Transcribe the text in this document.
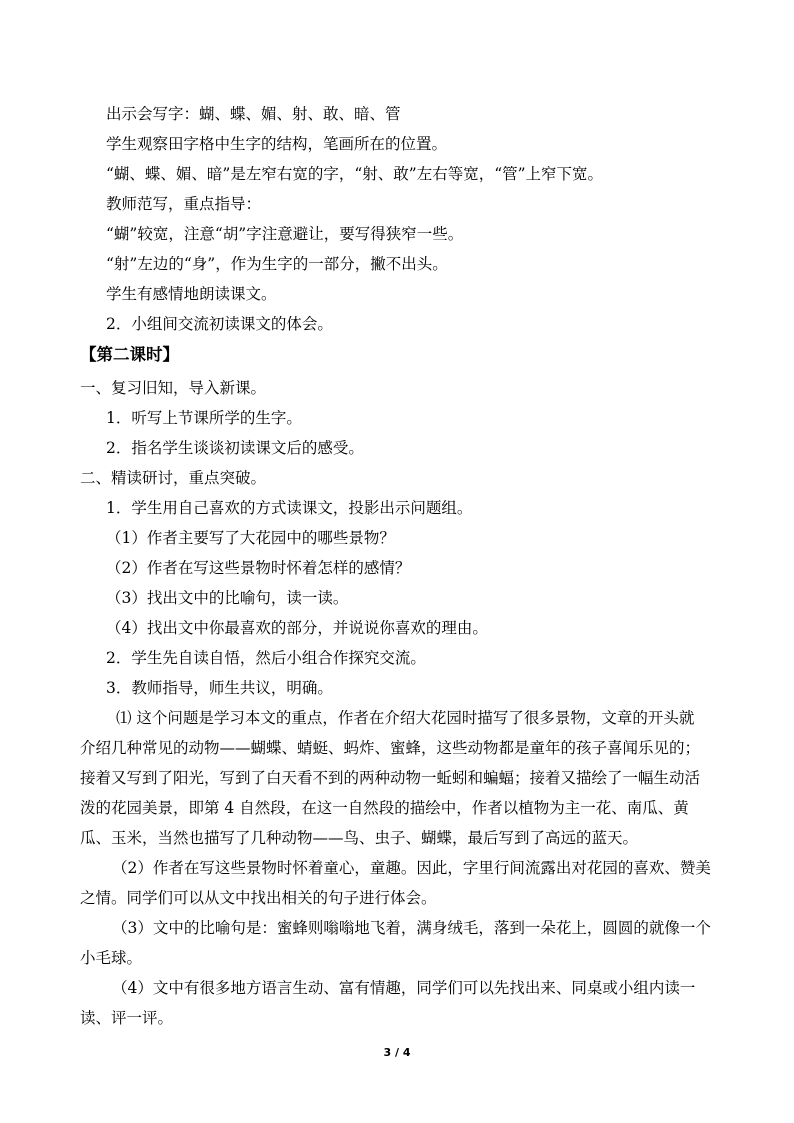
出示会写字：蝴、蝶、媚、射、敢、暗、管
学生观察田字格中生字的结构，笔画所在的位置。
“蝴、蝶、媚、暗”是左窄右宽的字，“射、敢”左右等宽，“管”上窄下宽。
教师范写，重点指导：
“蝴”较宽，注意“胡”字注意避让，要写得狭窄一些。
“射”左边的“身”，作为生字的一部分，撇不出头。
学生有感情地朗读课文。
2．小组间交流初读课文的体会。
【第二课时】
一、复习旧知，导入新课。
1．听写上节课所学的生字。
2．指名学生谈谈初读课文后的感受。
二、精读研讨，重点突破。
1．学生用自己喜欢的方式读课文，投影出示问题组。
（1）作者主要写了大花园中的哪些景物？
（2）作者在写这些景物时怀着怎样的感情？
（3）找出文中的比喻句，读一读。
（4）找出文中你最喜欢的部分，并说说你喜欢的理由。
2．学生先自读自悟，然后小组合作探究交流。
3．教师指导，师生共议，明确。
⑴ 这个问题是学习本文的重点，作者在介绍大花园时描写了很多景物，文章的开头就
介绍几种常见的动物——蝴蝶、蜻蜓、蚂炸、蜜蜂，这些动物都是童年的孩子喜闻乐见的；
接着又写到了阳光，写到了白天看不到的两种动物一蚯蚓和蝙蝠；接着又描绘了一幅生动活
泼的花园美景，即第 4 自然段，在这一自然段的描绘中，作者以植物为主一花、南瓜、黄
瓜、玉米，当然也描写了几种动物——鸟、虫子、蝴蝶，最后写到了高远的蓝天。
（2）作者在写这些景物时怀着童心，童趣。因此，字里行间流露出对花园的喜欢、赞美
之情。同学们可以从文中找出相关的句子进行体会。
（3）文中的比喻句是：蜜蜂则嗡嗡地飞着，满身绒毛，落到一朵花上，圆圆的就像一个
小毛球。
（4）文中有很多地方语言生动、富有情趣，同学们可以先找出来、同桌或小组内读一
读、评一评。
3 / 4
